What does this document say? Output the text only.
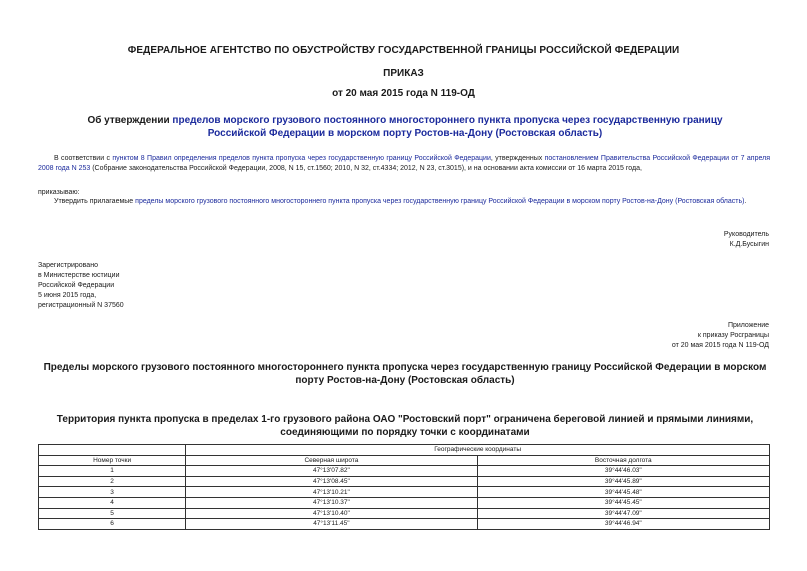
ФЕДЕРАЛЬНОЕ АГЕНТСТВО ПО ОБУСТРОЙСТВУ ГОСУДАРСТВЕННОЙ ГРАНИЦЫ РОССИЙСКОЙ ФЕДЕРАЦИИ
ПРИКАЗ
от 20 мая 2015 года N 119-ОД
Об утверждении пределов морского грузового постоянного многостороннего пункта пропуска через государственную границу Российской Федерации в морском порту Ростов-на-Дону (Ростовская область)
В соответствии с пунктом 8 Правил определения пределов пункта пропуска через государственную границу Российской Федерации, утвержденных постановлением Правительства Российской Федерации от 7 апреля 2008 года N 253 (Собрание законодательства Российской Федерации, 2008, N 15, ст.1560; 2010, N 32, ст.4334; 2012, N 23, ст.3015), и на основании акта комиссии от 16 марта 2015 года,
приказываю:
Утвердить прилагаемые пределы морского грузового постоянного многостороннего пункта пропуска через государственную границу Российской Федерации в морском порту Ростов-на-Дону (Ростовская область).
Руководитель
К.Д.Бусыгин
Зарегистрировано
в Министерстве юстиции
Российской Федерации
5 июня 2015 года,
регистрационный N 37560
Приложение
к приказу Росграницы
от 20 мая 2015 года N 119-ОД
Пределы морского грузового постоянного многостороннего пункта пропуска через государственную границу Российской Федерации в морском порту Ростов-на-Дону (Ростовская область)
Территория пункта пропуска в пределах 1-го грузового района ОАО "Ростовский порт" ограничена береговой линией и прямыми линиями, соединяющими по порядку точки с координатами
	Географические координаты	
Номер точки	Северная широта	Восточная долгота
1	47°13'07.82"	39°44'46.03"
2	47°13'08.45"	39°44'45.89"
3	47°13'10.21"	39°44'45.48"
4	47°13'10.37"	39°44'45.45"
5	47°13'10.40"	39°44'47.09"
6	47°13'11.45"	39°44'46.94"
